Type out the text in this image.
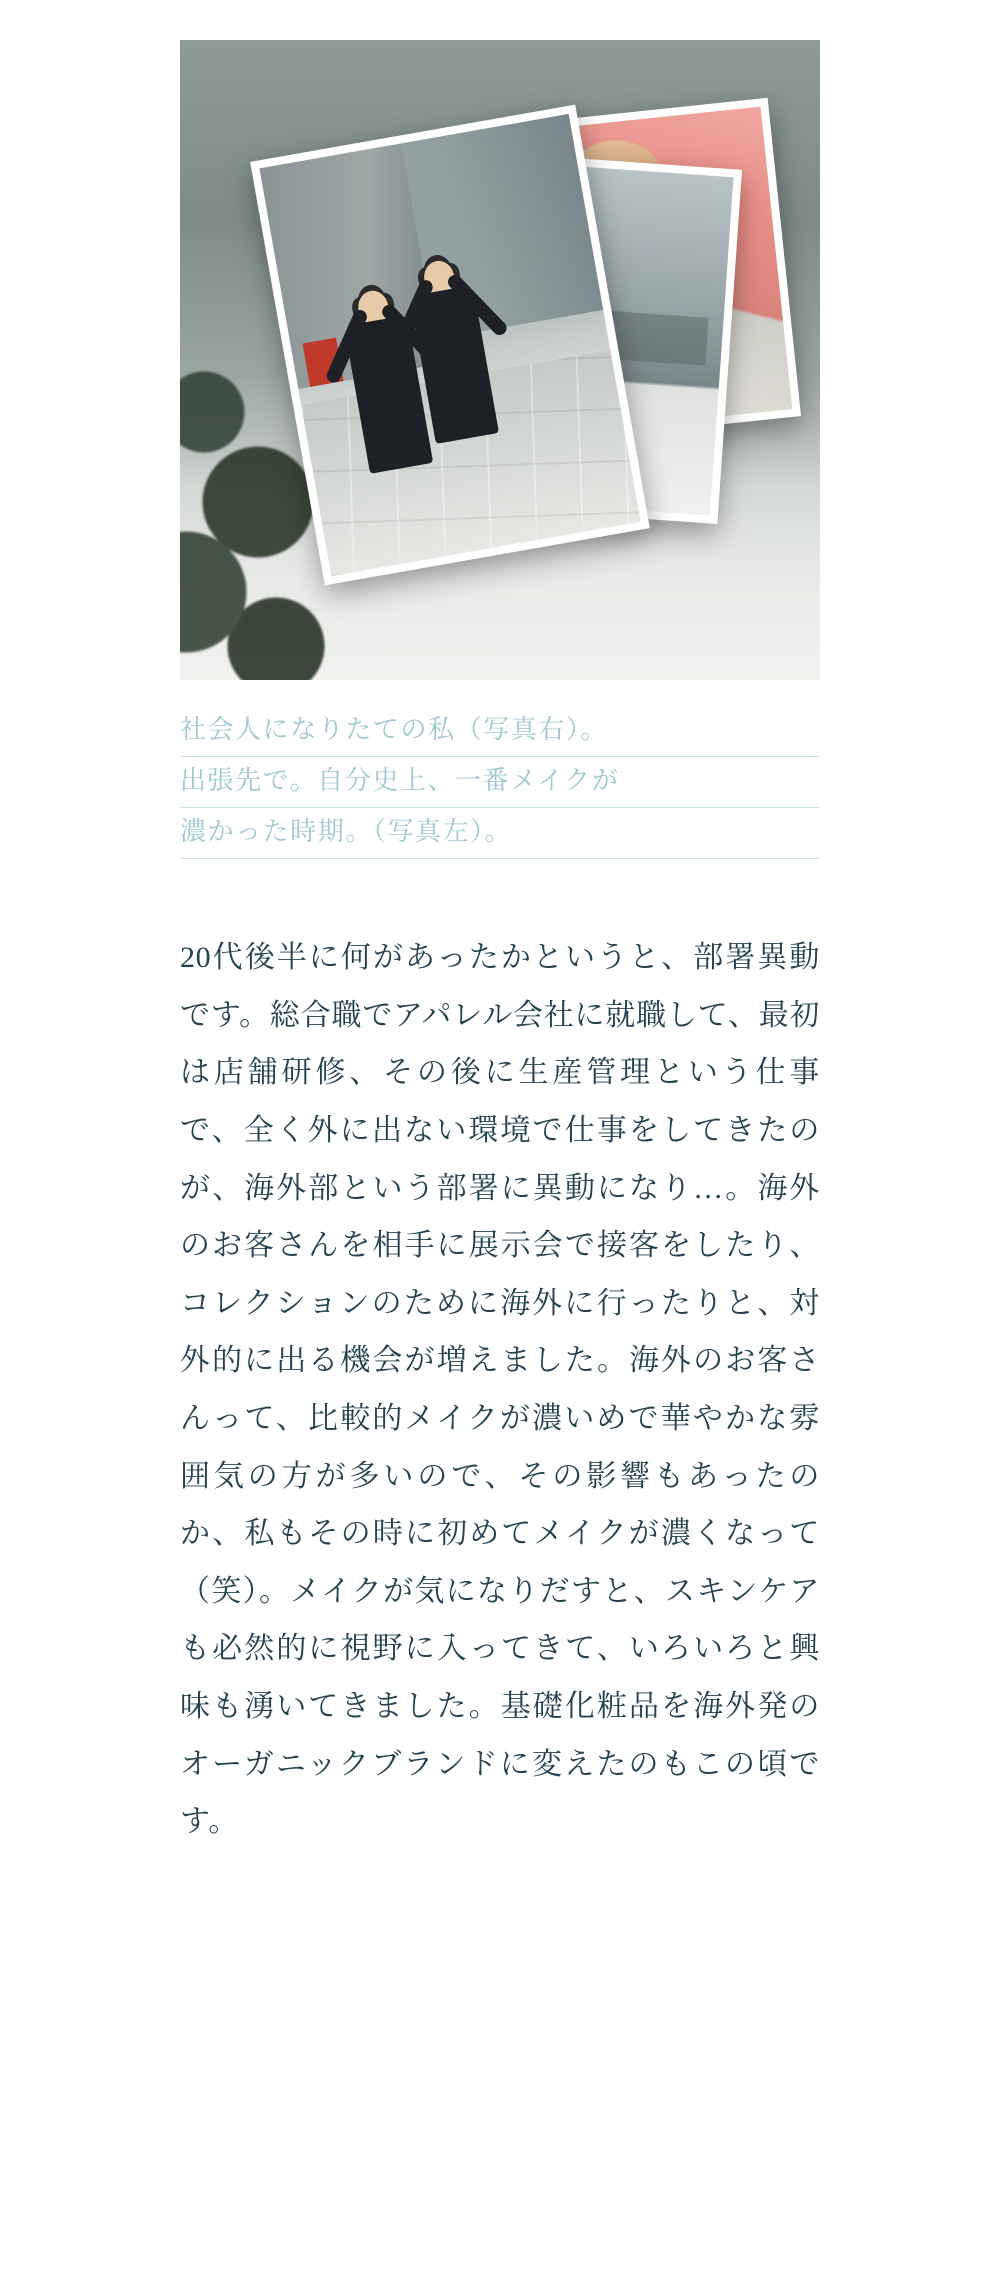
社会人になりたての私（写真右）。
出張先で。自分史上、一番メイクが
濃かった時期。（写真左）。

20代後半に何があったかというと、部署異動です。総合職でアパレル会社に就職して、最初は店舗研修、その後に生産管理という仕事で、全く外に出ない環境で仕事をしてきたのが、海外部という部署に異動になり…。海外のお客さんを相手に展示会で接客をしたり、コレクションのために海外に行ったりと、対外的に出る機会が増えました。海外のお客さんって、比較的メイクが濃いめで華やかな雰囲気の方が多いので、その影響もあったのか、私もその時に初めてメイクが濃くなって（笑）。メイクが気になりだすと、スキンケアも必然的に視野に入ってきて、いろいろと興味も湧いてきました。基礎化粧品を海外発のオーガニックブランドに変えたのもこの頃です。
